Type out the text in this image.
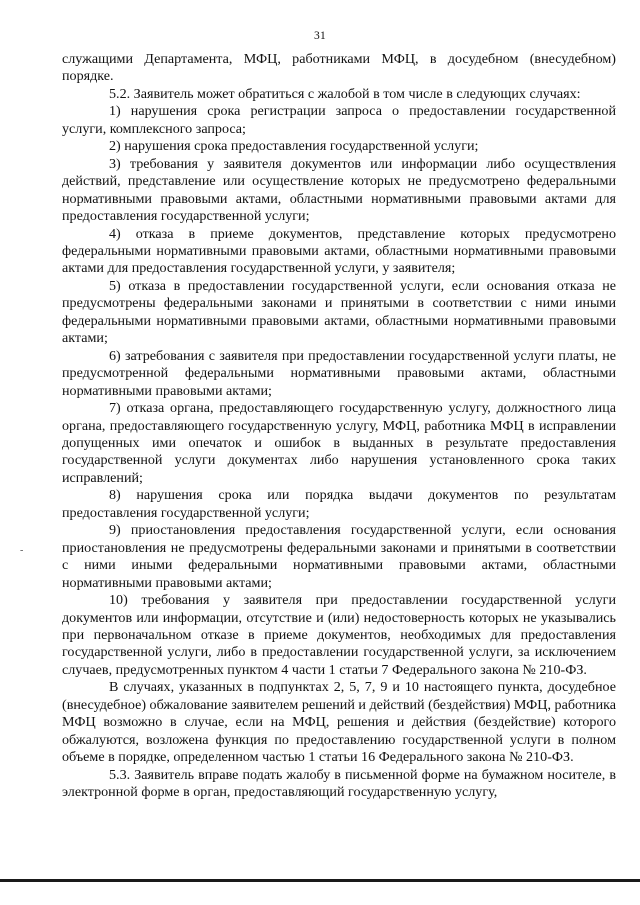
31
-

служащими Департамента, МФЦ, работниками МФЦ, в досудебном (внесудебном) порядке.

5.2. Заявитель может обратиться с жалобой в том числе в следующих случаях:

1) нарушения срока регистрации запроса о предоставлении государственной услуги, комплексного запроса;

2) нарушения срока предоставления государственной услуги;

3) требования у заявителя документов или информации либо осуществления действий, представление или осуществление которых не предусмотрено федеральными нормативными правовыми актами, областными нормативными правовыми актами для предоставления государственной услуги;

4) отказа в приеме документов, представление которых предусмотрено федеральными нормативными правовыми актами, областными нормативными правовыми актами для предоставления государственной услуги, у заявителя;

5) отказа в предоставлении государственной услуги, если основания отказа не предусмотрены федеральными законами и принятыми в соответствии с ними иными федеральными нормативными правовыми актами, областными нормативными правовыми актами;

6) затребования с заявителя при предоставлении государственной услуги платы, не предусмотренной федеральными нормативными правовыми актами, областными нормативными правовыми актами;

7) отказа органа, предоставляющего государственную услугу, должностного лица органа, предоставляющего государственную услугу, МФЦ, работника МФЦ в исправлении допущенных ими опечаток и ошибок в выданных в результате предоставления государственной услуги документах либо нарушения установленного срока таких исправлений;

8) нарушения срока или порядка выдачи документов по результатам предоставления государственной услуги;

9) приостановления предоставления государственной услуги, если основания приостановления не предусмотрены федеральными законами и принятыми в соответствии с ними иными федеральными нормативными правовыми актами, областными нормативными правовыми актами;

10) требования у заявителя при предоставлении государственной услуги документов или информации, отсутствие и (или) недостоверность которых не указывались при первоначальном отказе в приеме документов, необходимых для предоставления государственной услуги, либо в предоставлении государственной услуги, за исключением случаев, предусмотренных пунктом 4 части 1 статьи 7 Федерального закона № 210-ФЗ.

В случаях, указанных в подпунктах 2, 5, 7, 9 и 10 настоящего пункта, досудебное (внесудебное) обжалование заявителем решений и действий (бездействия) МФЦ, работника МФЦ возможно в случае, если на МФЦ, решения и действия (бездействие) которого обжалуются, возложена функция по предоставлению государственной услуги в полном объеме в порядке, определенном частью 1 статьи 16 Федерального закона № 210-ФЗ.

5.3. Заявитель вправе подать жалобу в письменной форме на бумажном носителе, в электронной форме в орган, предоставляющий государственную услугу,
